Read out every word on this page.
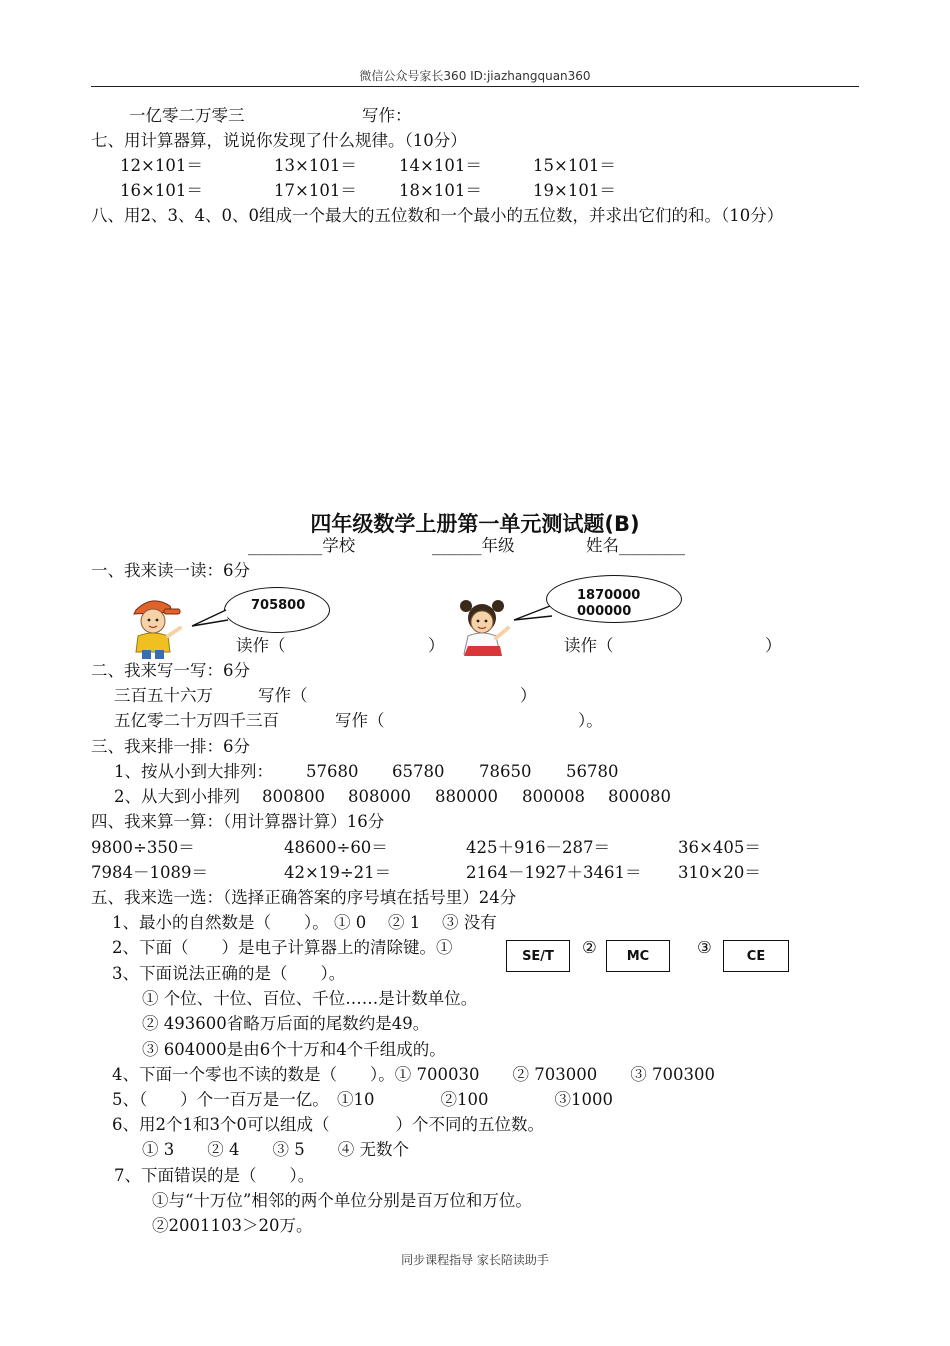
微信公众号家长360 ID:jiazhangquan360
一亿零二万零三	写作：
七、用计算器算，说说你发现了什么规律。（10分）
12×101＝	13×101＝	14×101＝	15×101＝
16×101＝	17×101＝	18×101＝	19×101＝
八、用2、3、4、0、0组成一个最大的五位数和一个最小的五位数，并求出它们的和。（10分）
四年级数学上册第一单元测试题(B)
_________学校	______年级	姓名________
一、我来读一读：6分
705800
1870000000000
读作（	）	读作（	）
二、我来写一写：6分
三百五十六万	写作（	）
五亿零二十万四千三百	写作（	）。
三、我来排一排：6分
1、按从小到大排列： 57680 65780 78650 56780
2、从大到小排列 800800 808000 880000 800008 800080
四、我来算一算：（用计算器计算）16分
9800÷350＝	48600÷60＝	425＋916－287＝	36×405＝
7984－1089＝	42×19÷21＝	2164－1927＋3461＝ 310×20＝
五、我来选一选：（选择正确答案的序号填在括号里）24分
1、最小的自然数是（　　）。 ① 0　 ② 1　 ③ 没有
2、下面（　　）是电子计算器上的清除键。①	SE/T	②	MC	③	CE
3、下面说法正确的是（　　）。
① 个位、十位、百位、千位……是计数单位。
② 493600省略万后面的尾数约是49。
③ 604000是由6个十万和4个千组成的。
4、下面一个零也不读的数是（　　）。① 700030　　② 703000　　③ 700300
5、（　　）个一百万是一亿。　①10　　　　②100　　　　③1000
6、用2个1和3个0可以组成（　　　　）个不同的五位数。
① 3　　② 4　　③ 5　　④ 无数个
7、下面错误的是（　　）。
①与“十万位”相邻的两个单位分别是百万位和万位。
②2001103＞20万。
同步课程指导 家长陪读助手
